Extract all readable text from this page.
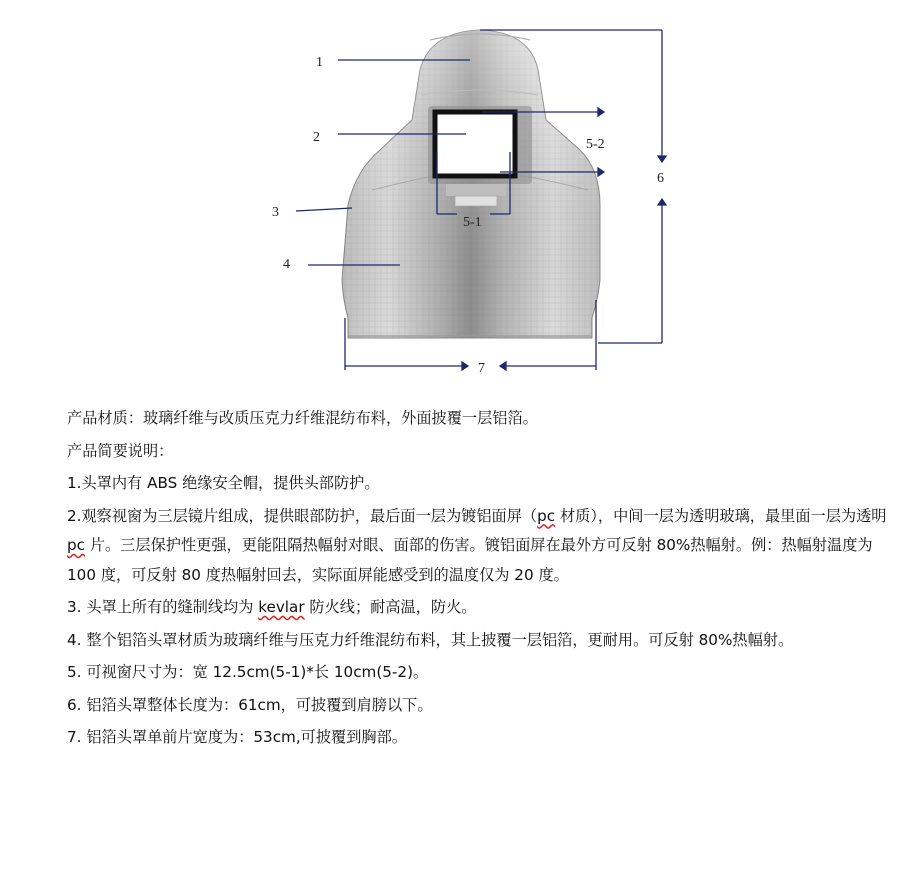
1
2
3
4
5-2
5-1
6
7

产品材质：玻璃纤维与改质压克力纤维混纺布料，外面披覆一层铝箔。

产品简要说明：

1.头罩内有 ABS 绝缘安全帽，提供头部防护。

2.观察视窗为三层镜片组成，提供眼部防护，最后面一层为镀铝面屏（pc 材质），中间一层为透明玻璃，最里面一层为透明 pc 片。三层保护性更强，更能阻隔热幅射对眼、面部的伤害。镀铝面屏在最外方可反射 80%热幅射。例：热幅射温度为 100 度，可反射 80 度热幅射回去，实际面屏能感受到的温度仅为 20 度。

3. 头罩上所有的缝制线均为 kevlar 防火线；耐高温，防火。

4. 整个铝箔头罩材质为玻璃纤维与压克力纤维混纺布料，其上披覆一层铝箔，更耐用。可反射 80%热幅射。

5. 可视窗尺寸为：宽 12.5cm(5-1)*长 10cm(5-2)。

6. 铝箔头罩整体长度为：61cm，可披覆到肩膀以下。

7. 铝箔头罩单前片宽度为：53cm,可披覆到胸部。
